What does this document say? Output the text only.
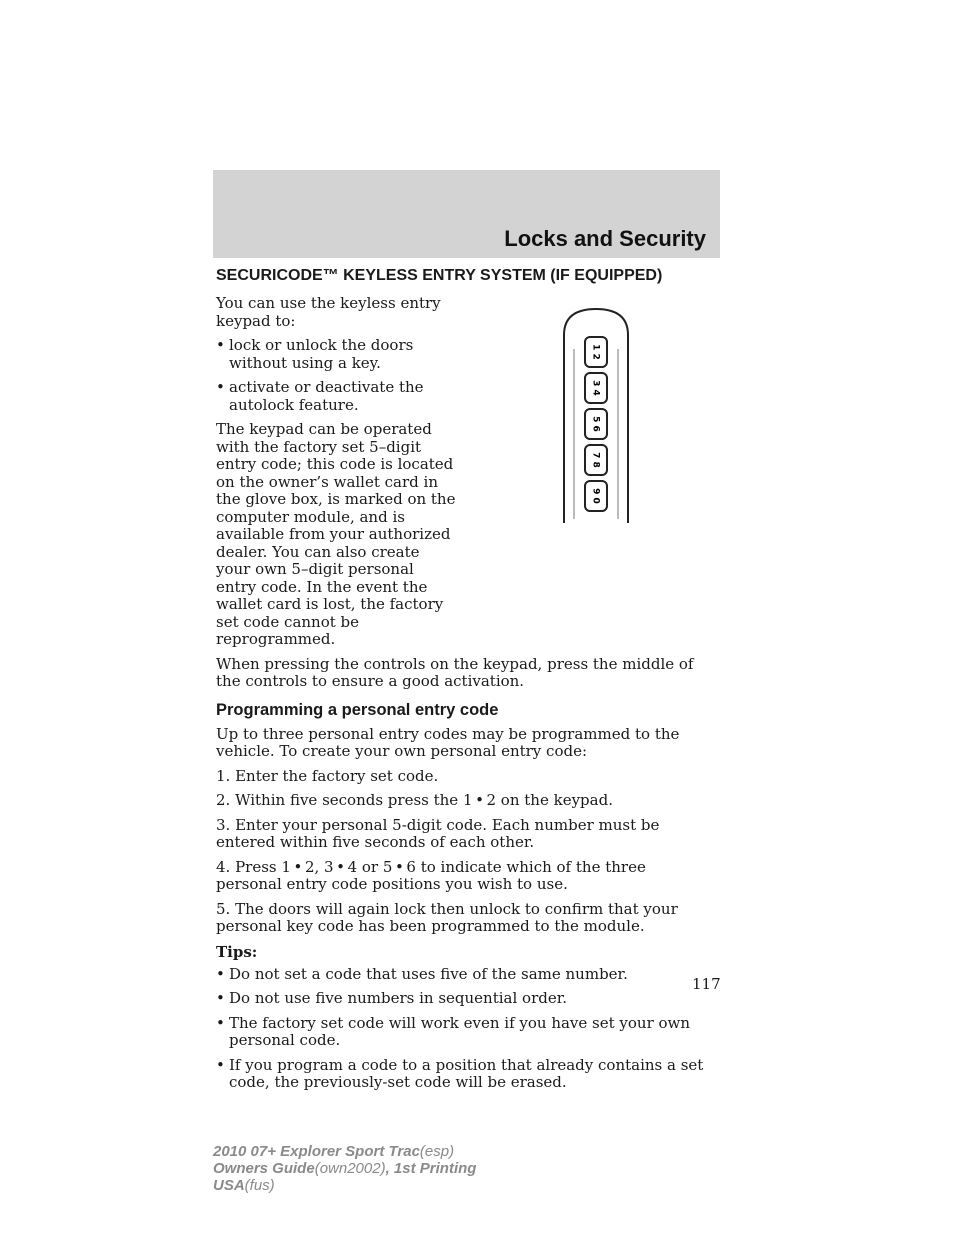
Locks and Security
SECURICODE™ KEYLESS ENTRY SYSTEM (IF EQUIPPED)

You can use the keyless entry keypad to:

• lock or unlock the doors without using a key.
• activate or deactivate the autolock feature.

The keypad can be operated with the factory set 5–digit entry code; this code is located on the owner’s wallet card in the glove box, is marked on the computer module, and is available from your authorized dealer. You can also create your own 5–digit personal entry code. In the event the wallet card is lost, the factory set code cannot be reprogrammed.

When pressing the controls on the keypad, press the middle of the controls to ensure a good activation.

Programming a personal entry code

Up to three personal entry codes may be programmed to the vehicle. To create your own personal entry code:

1. Enter the factory set code.

2. Within five seconds press the 1 • 2 on the keypad.

3. Enter your personal 5-digit code. Each number must be entered within five seconds of each other.

4. Press 1 • 2, 3 • 4 or 5 • 6 to indicate which of the three personal entry code positions you wish to use.

5. The doors will again lock then unlock to confirm that your personal key code has been programmed to the module.

Tips:
• Do not set a code that uses five of the same number.
• Do not use five numbers in sequential order.
• The factory set code will work even if you have set your own personal code.
• If you program a code to a position that already contains a set code, the previously-set code will be erased.
1 2
3 4
5 6
7 8
9 0
117
2010 07+ Explorer Sport Trac(esp)
Owners Guide(own2002), 1st Printing
USA(fus)
